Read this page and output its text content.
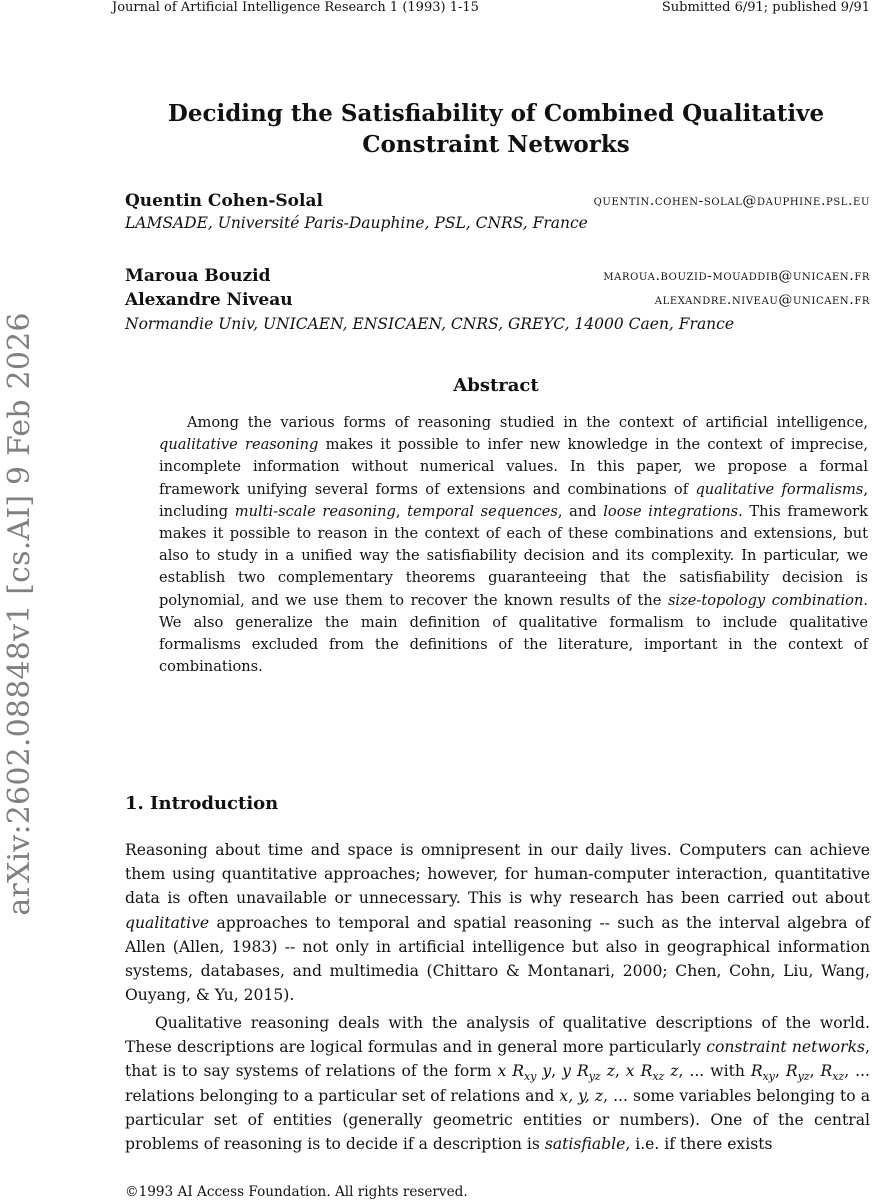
Journal of Artificial Intelligence Research 1 (1993) 1-15	Submitted 6/91; published 9/91
arXiv:2602.08848v1 [cs.AI] 9 Feb 2026
Deciding the Satisfiability of Combined Qualitative Constraint Networks
Quentin Cohen-Solal	quentin.cohen-solal@dauphine.psl.eu
LAMSADE, Université Paris-Dauphine, PSL, CNRS, France
Maroua Bouzid	maroua.bouzid-mouaddib@unicaen.fr
Alexandre Niveau	alexandre.niveau@unicaen.fr
Normandie Univ, UNICAEN, ENSICAEN, CNRS, GREYC, 14000 Caen, France
Abstract

Among the various forms of reasoning studied in the context of artificial intelligence, qualitative reasoning makes it possible to infer new knowledge in the context of imprecise, incomplete information without numerical values. In this paper, we propose a formal framework unifying several forms of extensions and combinations of qualitative formalisms, including multi-scale reasoning, temporal sequences, and loose integrations. This framework makes it possible to reason in the context of each of these combinations and extensions, but also to study in a unified way the satisfiability decision and its complexity. In particular, we establish two complementary theorems guaranteeing that the satisfiability decision is polynomial, and we use them to recover the known results of the size-topology combination. We also generalize the main definition of qualitative formalism to include qualitative formalisms excluded from the definitions of the literature, important in the context of combinations.

1. Introduction

Reasoning about time and space is omnipresent in our daily lives. Computers can achieve them using quantitative approaches; however, for human-computer interaction, quantitative data is often unavailable or unnecessary. This is why research has been carried out about qualitative approaches to temporal and spatial reasoning -- such as the interval algebra of Allen (Allen, 1983) -- not only in artificial intelligence but also in geographical information systems, databases, and multimedia (Chittaro & Montanari, 2000; Chen, Cohn, Liu, Wang, Ouyang, & Yu, 2015).

Qualitative reasoning deals with the analysis of qualitative descriptions of the world. These descriptions are logical formulas and in general more particularly constraint networks, that is to say systems of relations of the form x $R_{xy}$ y, y $R_{yz}$ z, x $R_{xz}$ z, ... with $R_{xy}$, $R_{yz}$, $R_{xz}$, ... relations belonging to a particular set of relations and x, y, z, ... some variables belonging to a particular set of entities (generally geometric entities or numbers). One of the central problems of reasoning is to decide if a description is satisfiable, i.e. if there exists

©1993 AI Access Foundation. All rights reserved.
